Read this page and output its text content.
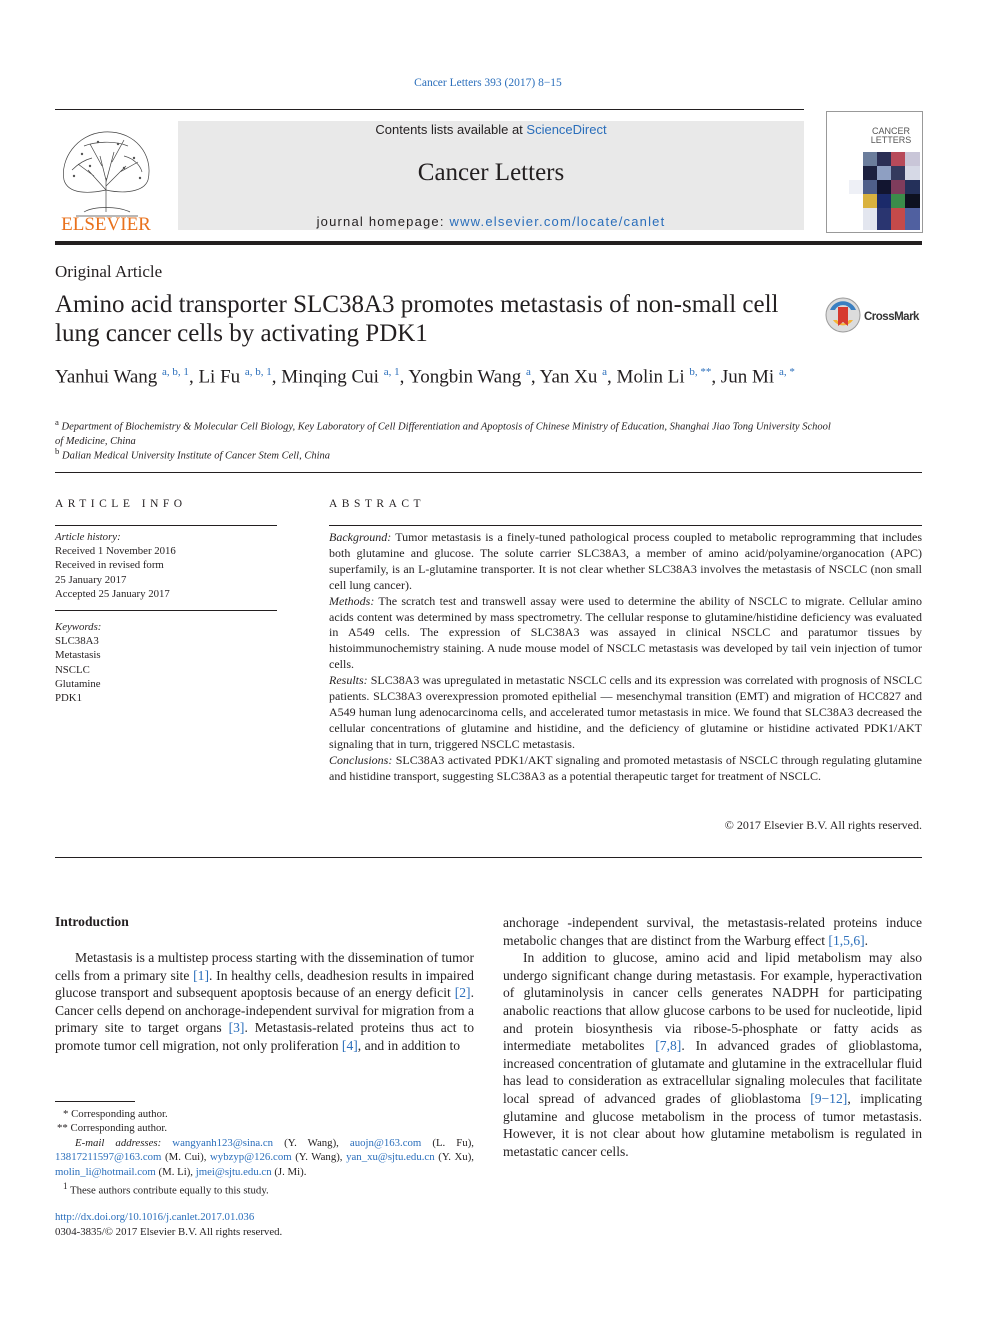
Cancer Letters 393 (2017) 8−15
ELSEVIER
Contents lists available at ScienceDirect
Cancer Letters
journal homepage: www.elsevier.com/locate/canlet
CANCER
LETTERS
Original Article
Amino acid transporter SLC38A3 promotes metastasis of non-small cell lung cancer cells by activating PDK1
CrossMark
Yanhui Wang $^{a, b, 1}$, Li Fu $^{a, b, 1}$, Minqing Cui $^{a, 1}$, Yongbin Wang $^a$, Yan Xu $^a$, Molin Li $^{b, **}$, Jun Mi $^{a, *}$
$^a$ Department of Biochemistry & Molecular Cell Biology, Key Laboratory of Cell Differentiation and Apoptosis of Chinese Ministry of Education, Shanghai Jiao Tong University School of Medicine, China
$^b$ Dalian Medical University Institute of Cancer Stem Cell, China
ARTICLE INFO
Article history:
Received 1 November 2016
Received in revised form
25 January 2017
Accepted 25 January 2017
Keywords:
SLC38A3
Metastasis
NSCLC
Glutamine
PDK1
ABSTRACT

Background: Tumor metastasis is a finely-tuned pathological process coupled to metabolic reprogramming that includes both glutamine and glucose. The solute carrier SLC38A3, a member of amino acid/polyamine/organocation (APC) superfamily, is an L-glutamine transporter. It is not clear whether SLC38A3 involves the metastasis of NSCLC (non small cell lung cancer).

Methods: The scratch test and transwell assay were used to determine the ability of NSCLC to migrate. Cellular amino acids content was determined by mass spectrometry. The cellular response to glutamine/histidine deficiency was evaluated in A549 cells. The expression of SLC38A3 was assayed in clinical NSCLC and paratumor tissues by histoimmunochemistry staining. A nude mouse model of NSCLC metastasis was developed by tail vein injection of tumor cells.

Results: SLC38A3 was upregulated in metastatic NSCLC cells and its expression was correlated with prognosis of NSCLC patients. SLC38A3 overexpression promoted epithelial — mesenchymal transition (EMT) and migration of HCC827 and A549 human lung adenocarcinoma cells, and accelerated tumor metastasis in mice. We found that SLC38A3 decreased the cellular concentrations of glutamine and histidine, and the deficiency of glutamine or histidine activated PDK1/AKT signaling that in turn, triggered NSCLC metastasis.

Conclusions: SLC38A3 activated PDK1/AKT signaling and promoted metastasis of NSCLC through regulating glutamine and histidine transport, suggesting SLC38A3 as a potential therapeutic target for treatment of NSCLC.

© 2017 Elsevier B.V. All rights reserved.
Introduction

Metastasis is a multistep process starting with the dissemination of tumor cells from a primary site [1]. In healthy cells, deadhesion results in impaired glucose transport and subsequent apoptosis because of an energy deficit [2]. Cancer cells depend on anchorage-independent survival for migration from a primary site to target organs [3]. Metastasis-related proteins thus act to promote tumor cell migration, not only proliferation [4], and in addition to

anchorage -independent survival, the metastasis-related proteins induce metabolic changes that are distinct from the Warburg effect [1,5,6].

In addition to glucose, amino acid and lipid metabolism may also undergo significant change during metastasis. For example, hyperactivation of glutaminolysis in cancer cells generates NADPH for participating anabolic reactions that allow glucose carbons to be used for nucleotide, lipid and protein biosynthesis via ribose-5-phosphate or fatty acids as intermediate metabolites [7,8]. In advanced grades of glioblastoma, increased concentration of glutamate and glutamine in the extracellular fluid has lead to consideration as extracellular signaling molecules that facilitate local spread of advanced grades of glioblastoma [9−12], implicating glutamine and glucose metabolism in the process of tumor metastasis. However, it is not clear about how glutamine metabolism is regulated in metastatic cancer cells.

* Corresponding author.

** Corresponding author.

E-mail addresses: wangyanh123@sina.cn (Y. Wang), auojn@163.com (L. Fu), 13817211597@163.com (M. Cui), wybzyp@126.com (Y. Wang), yan_xu@sjtu.edu.cn (Y. Xu), molin_li@hotmail.com (M. Li), jmei@sjtu.edu.cn (J. Mi).

$^1$ These authors contribute equally to this study.

http://dx.doi.org/10.1016/j.canlet.2017.01.036
0304-3835/© 2017 Elsevier B.V. All rights reserved.
